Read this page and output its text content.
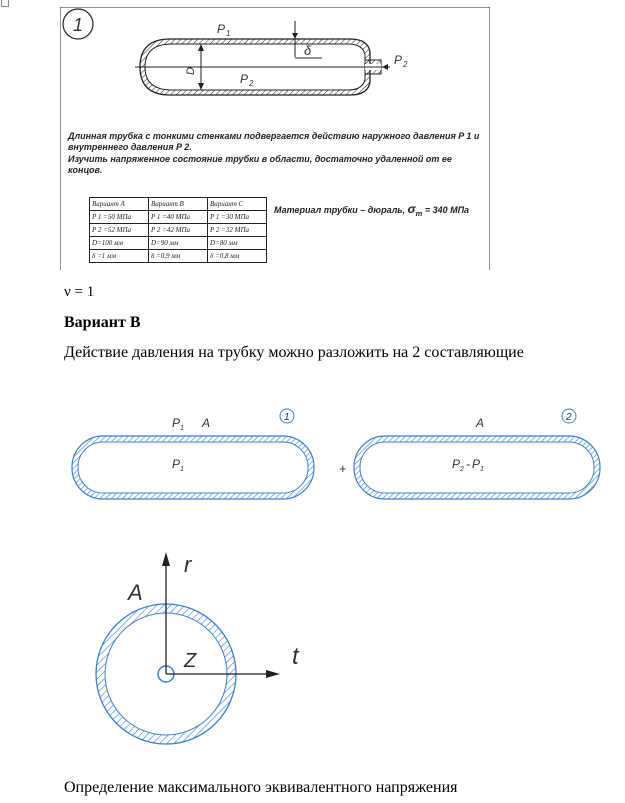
1	P 1
P 2
P 2
D
δ
Длинная трубка с тонкими стенками подвергается действию наружного давления P 1 и
внутреннего давления P 2.
Изучить напряженное состояние трубки в области, достаточно удаленной от ее концов.
Вариант A	Вариант B	Вариант C
P 1 =50 МПа	P 1 =40 МПа	P 1 =30 МПа
P 2 =52 МПа	P 2 =42 МПа	P 2 =32 МПа
D=100 мм	D=90 мм	D=80 мм
δ =1 мм	δ =0,9 мм	δ =0,8 мм
Материал трубки – дюраль, $\sigma_т = 340$ МПа
ν = 1
Вариант В
Действие давления на трубку можно разложить на 2 составляющие
1
P 1 A
P 1	+
2
A
P 2 - P 1
A
r
t
Z
Определение максимального эквивалентного напряжения
